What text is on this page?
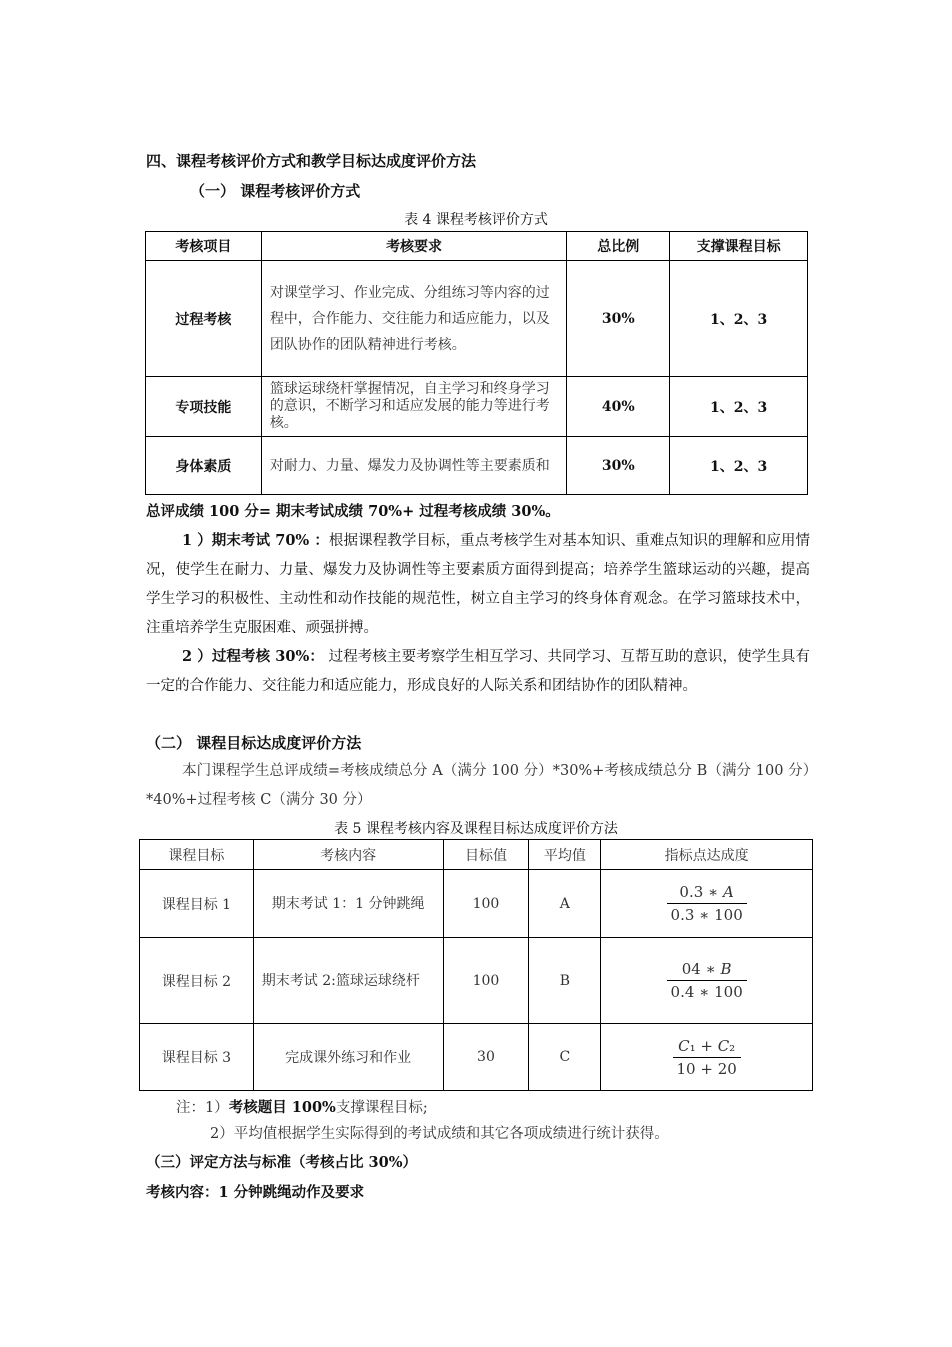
四、课程考核评价方式和教学目标达成度评价方法
（一） 课程考核评价方式
表 4 课程考核评价方式
考核项目	考核要求	总比例	支撑课程目标
过程考核	对课堂学习、作业完成、分组练习等内容的过程中，合作能力、交往能力和适应能力，以及团队协作的团队精神进行考核。	30%	1、2、3
专项技能	篮球运球绕杆掌握情况，自主学习和终身学习的意识，不断学习和适应发展的能力等进行考核。	40%	1、2、3
身体素质	对耐力、力量、爆发力及协调性等主要素质和	30%	1、2、3
总评成绩 100 分= 期末考试成绩 70%+ 过程考核成绩 30%。
1 ）期末考试 70% ：根据课程教学目标，重点考核学生对基本知识、重难点知识的理解和应用情况，使学生在耐力、力量、爆发力及协调性等主要素质方面得到提高；培养学生篮球运动的兴趣，提高学生学习的积极性、主动性和动作技能的规范性，树立自主学习的终身体育观念。在学习篮球技术中，注重培养学生克服困难、顽强拼搏。
2 ）过程考核 30%： 过程考核主要考察学生相互学习、共同学习、互帮互助的意识，使学生具有一定的合作能力、交往能力和适应能力，形成良好的人际关系和团结协作的团队精神。
（二） 课程目标达成度评价方法
本门课程学生总评成绩=考核成绩总分 A（满分 100 分）*30%+考核成绩总分 B（满分 100 分）*40%+过程考核 C（满分 30 分）
表 5 课程考核内容及课程目标达成度评价方法
课程目标	考核内容	目标值	平均值	指标点达成度
课程目标 1	期末考试 1：1 分钟跳绳	100	A	$\frac{\text{0.3 ∗ 𝐴}}{0.3 ∗ 100}$

课程目标 2	期末考试 2:篮球运球绕杆	100	B	$\frac{\text{04 ∗ 𝐵}}{0.4 ∗ 100}$

课程目标 3	完成课外练习和作业	30	C	$\frac{\text{𝐶₁ + 𝐶₂}}{10 + 20}$
注：1）考核题目 100%支撑课程目标;
2）平均值根据学生实际得到的考试成绩和其它各项成绩进行统计获得。
（三）评定方法与标准（考核占比 30%）
考核内容：1 分钟跳绳动作及要求
